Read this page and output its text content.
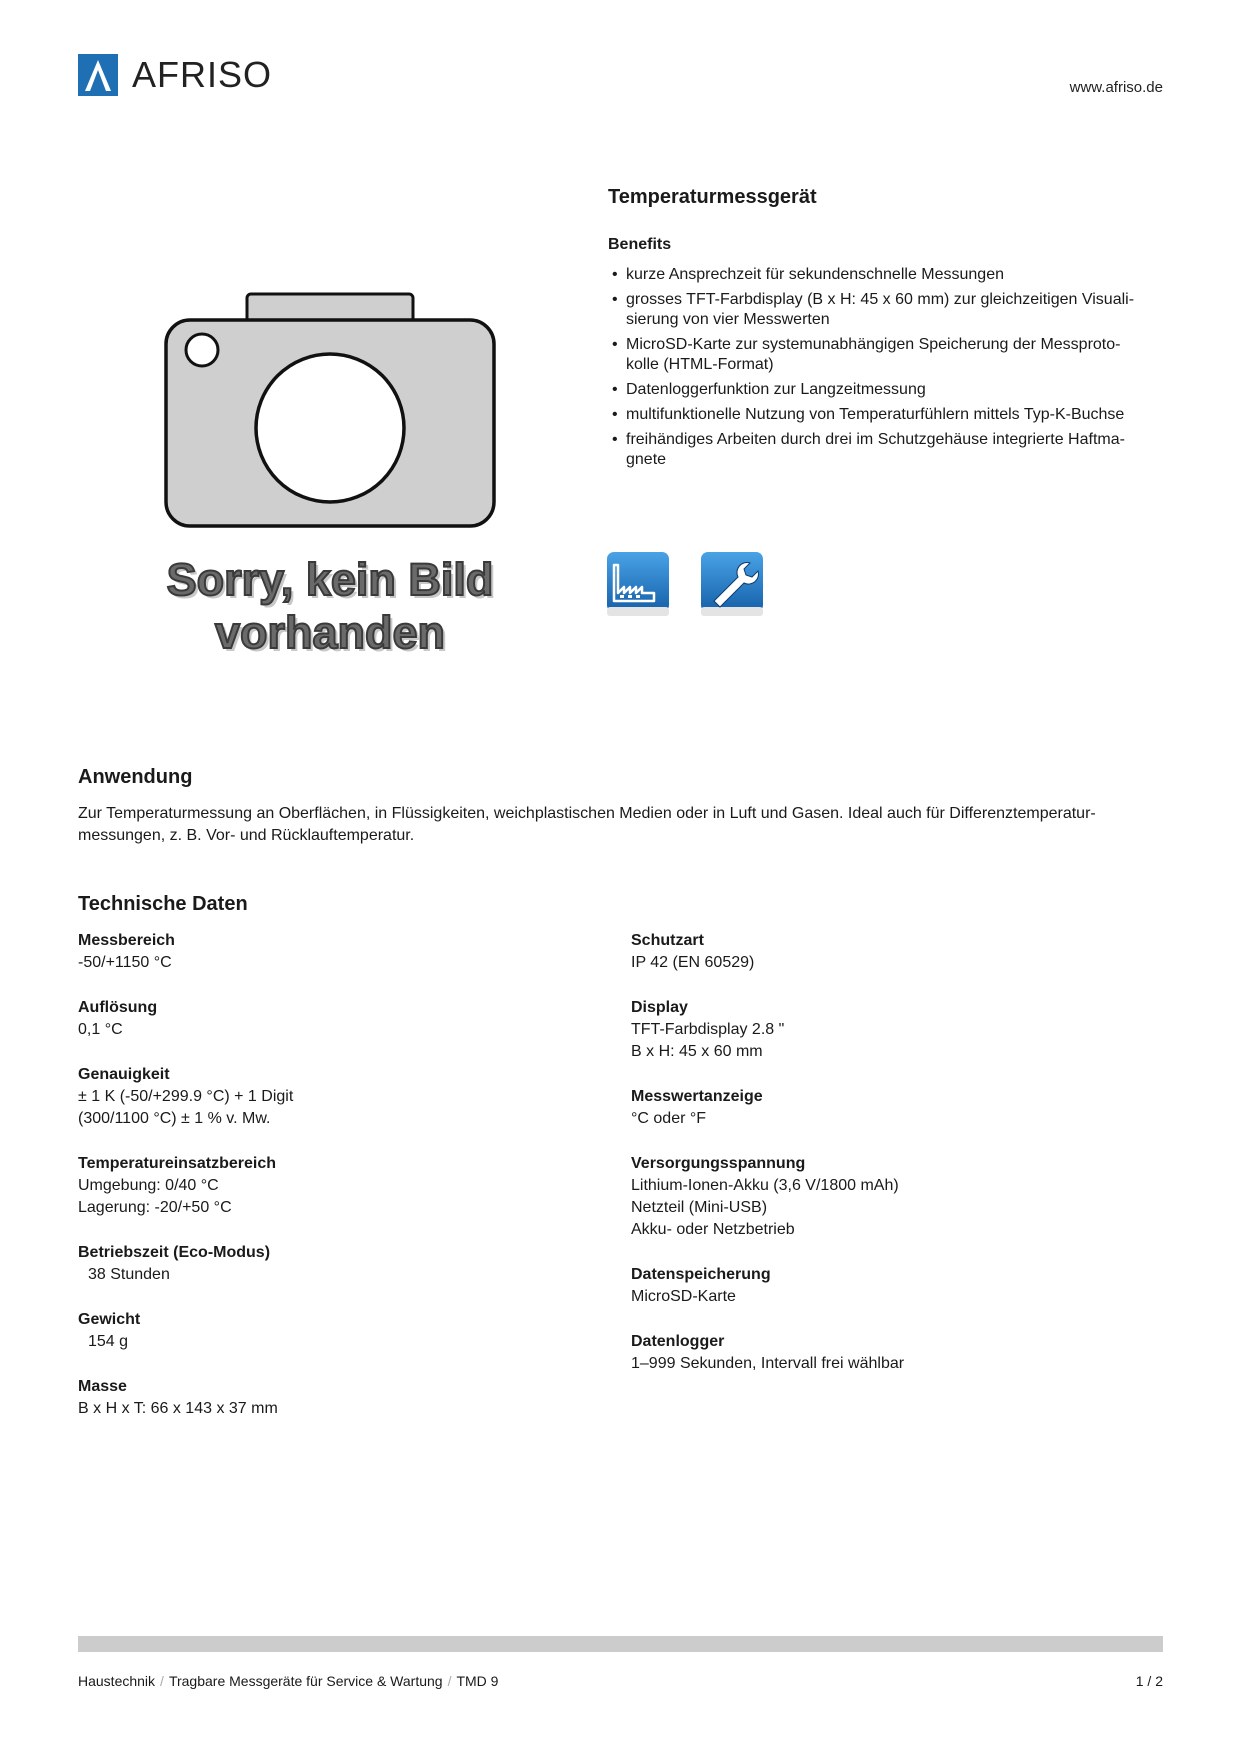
AFRISO	www.afriso.de
Sorry, kein Bild
vorhanden
Temperaturmessgerät
Benefits
• kurze Ansprechzeit für sekundenschnelle Messungen
• grosses TFT-Farbdisplay (B x H: 45 x 60 mm) zur gleichzeitigen Visuali-
sierung von vier Messwerten
• MicroSD-Karte zur systemunabhängigen Speicherung der Messproto-
kolle (HTML-Format)
• Datenloggerfunktion zur Langzeitmessung
• multifunktionelle Nutzung von Temperaturfühlern mittels Typ-K-Buchse
• freihändiges Arbeiten durch drei im Schutzgehäuse integrierte Haftma-
gnete
Anwendung
Zur Temperaturmessung an Oberflächen, in Flüssigkeiten, weichplastischen Medien oder in Luft und Gasen. Ideal auch für Differenztemperatur-
messungen, z. B. Vor- und Rücklauftemperatur.
Technische Daten
Messbereich
-50/+1150 °C
Auflösung
0,1 °C
Genauigkeit
± 1 K (-50/+299.9 °C) + 1 Digit
(300/1100 °C) ± 1 % v. Mw.
Temperatureinsatzbereich
Umgebung: 0/40 °C
Lagerung: -20/+50 °C
Betriebszeit (Eco-Modus)
38 Stunden
Gewicht
154 g
Masse
B x H x T: 66 x 143 x 37 mm
Schutzart
IP 42 (EN 60529)
Display
TFT-Farbdisplay 2.8 "
B x H: 45 x 60 mm
Messwertanzeige
°C oder °F
Versorgungsspannung
Lithium-Ionen-Akku (3,6 V/1800 mAh)
Netzteil (Mini-USB)
Akku- oder Netzbetrieb
Datenspeicherung
MicroSD-Karte
Datenlogger
1–999 Sekunden, Intervall frei wählbar
Haustechnik / Tragbare Messgeräte für Service & Wartung / TMD 9	1 / 2
